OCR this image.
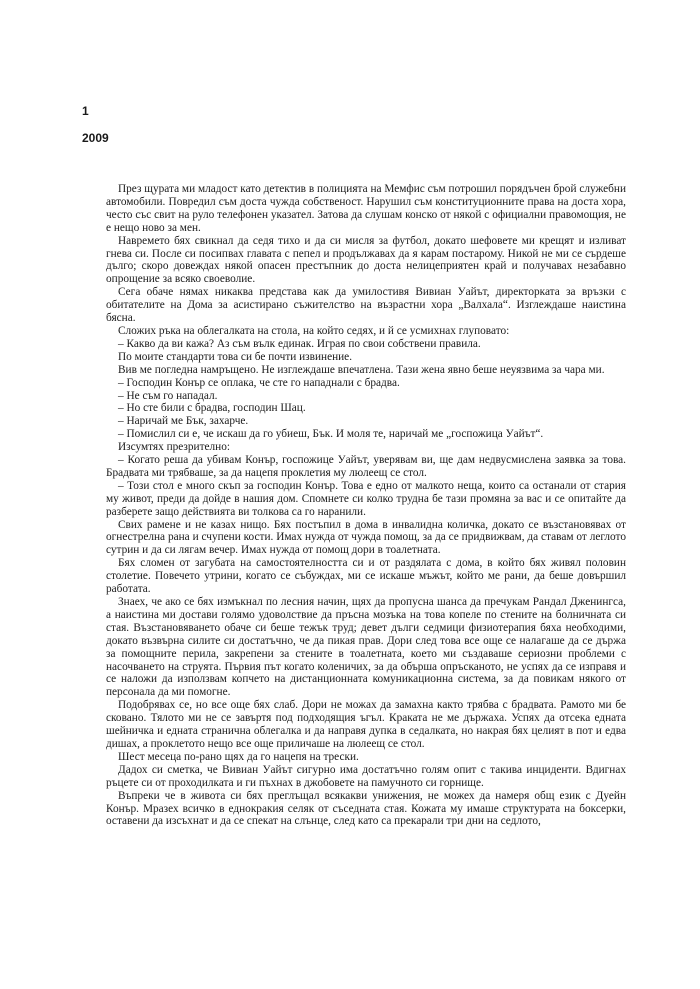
1
2009

През щурата ми младост като детектив в полицията на Мемфис съм потрошил порядъчен брой служебни автомобили. Повредил съм доста чужда собственост. Нарушил съм конституционните права на доста хора, често със свит на руло телефонен указател. Затова да слушам конско от някой с официални правомощия, не е нещо ново за мен.

Навремето бях свикнал да седя тихо и да си мисля за футбол, докато шефовете ми крещят и изливат гнева си. После си посипвах главата с пепел и продължавах да я карам постарому. Никой не ми се сърдеше дълго; скоро довеждах някой опасен престъпник до доста нелицеприятен край и получавах незабавно опрощение за всяко своеволие.

Сега обаче нямах никаква представа как да умилостивя Вивиан Уайът, директорката за връзки с обитателите на Дома за асистирано съжителство на възрастни хора „Валхала“. Изглеждаше наистина бясна.

Сложих ръка на облегалката на стола, на който седях, и й се усмихнах глуповато:

– Какво да ви кажа? Аз съм вълк единак. Играя по свои собствени правила.

По моите стандарти това си бе почти извинение.

Вив ме погледна намръщено. Не изглеждаше впечатлена. Тази жена явно беше неуязвима за чара ми.

– Господин Конър се оплака, че сте го нападнали с брадва.

– Не съм го нападал.

– Но сте били с брадва, господин Шац.

– Наричай ме Бък, захарче.

– Помислил си е, че искаш да го убиеш, Бък. И моля те, наричай ме „госпожица Уайът“.

Изсумтях презрително:

– Когато реша да убивам Конър, госпожице Уайът, уверявам ви, ще дам недвусмислена заявка за това. Брадвата ми трябваше, за да нацепя проклетия му люлеещ се стол.

– Този стол е много скъп за господин Конър. Това е едно от малкото неща, които са останали от стария му живот, преди да дойде в нашия дом. Спомнете си колко трудна бе тази промяна за вас и се опитайте да разберете защо действията ви толкова са го наранили.

Свих рамене и не казах нищо. Бях постъпил в дома в инвалидна количка, докато се възстановявах от огнестрелна рана и счупени кости. Имах нужда от чужда помощ, за да се придвижвам, да ставам от леглото сутрин и да си лягам вечер. Имах нужда от помощ дори в тоалетната.

Бях сломен от загубата на самостоятелността си и от раздялата с дома, в който бях живял половин столетие. Повечето утрини, когато се събуждах, ми се искаше мъжът, който ме рани, да беше довършил работата.

Знаех, че ако се бях измъкнал по лесния начин, щях да пропусна шанса да пречукам Рандал Дженингса, а наистина ми достави голямо удоволствие да пръсна мозъка на това копеле по стените на болничната си стая. Възстановяването обаче си беше тежък труд; девет дълги седмици физиотерапия бяха необходими, докато възвърна силите си достатъчно, че да пикая прав. Дори след това все още се налагаше да се държа за помощните перила, закрепени за стените в тоалетната, което ми създаваше сериозни проблеми с насочването на струята. Първия път когато коленичих, за да обърша опръсканото, не успях да се изправя и се наложи да използвам копчето на дистанционната комуникационна система, за да повикам някого от персонала да ми помогне.

Подобрявах се, но все още бях слаб. Дори не можах да замахна както трябва с брадвата. Рамото ми бе сковано. Тялото ми не се завъртя под подходящия ъгъл. Краката не ме държаха. Успях да отсека едната шейничка и едната странична облегалка и да направя дупка в седалката, но накрая бях целият в пот и едва дишах, а проклетото нещо все още приличаше на люлеещ се стол.

Шест месеца по-рано щях да го нацепя на трески.

Дадох си сметка, че Вивиан Уайът сигурно има достатъчно голям опит с такива инциденти. Вдигнах ръцете си от проходилката и ги пъхнах в джобовете на памучното си горнище.

Въпреки че в живота си бях преглъщал всякакви унижения, не можех да намеря общ език с Дуейн Конър. Мразех всичко в еднокракия селяк от съседната стая. Кожата му имаше структурата на боксерки, оставени да изсъхнат и да се спекат на слънце, след като са прекарали три дни на седлото,
